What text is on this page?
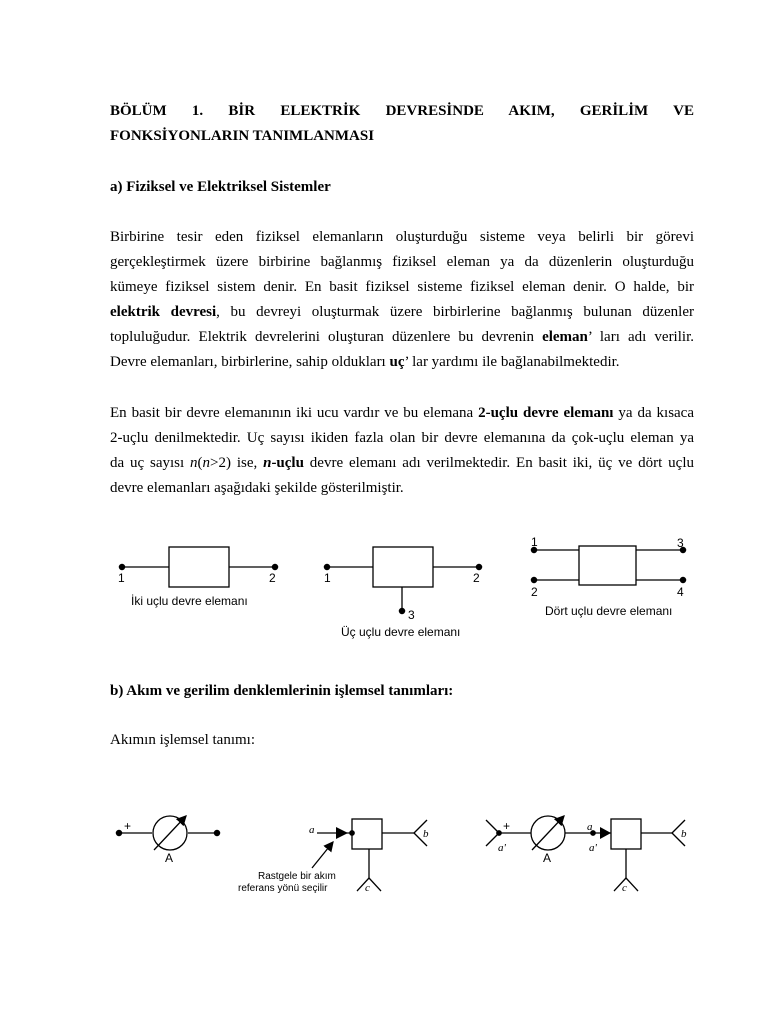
BÖLÜM 1. BİR ELEKTRİK DEVRESİNDE AKIM, GERİLİM VE
FONKSİYONLARIN TANIMLANMASI
a) Fiziksel ve Elektriksel Sistemler
Birbirine tesir eden fiziksel elemanların oluşturduğu sisteme veya belirli bir görevi
gerçekleştirmek üzere birbirine bağlanmış fiziksel eleman ya da düzenlerin oluşturduğu
kümeye fiziksel sistem denir. En basit fiziksel sisteme fiziksel eleman denir. O halde, bir
elektrik devresi, bu devreyi oluşturmak üzere birbirlerine bağlanmış bulunan düzenler
topluluğudur. Elektrik devrelerini oluşturan düzenlere bu devrenin eleman’ ları adı verilir.
Devre elemanları, birbirlerine, sahip oldukları uç’ lar yardımı ile bağlanabilmektedir.
En basit bir devre elemanının iki ucu vardır ve bu elemana 2-uçlu devre elemanı ya da kısaca
2-uçlu denilmektedir. Uç sayısı ikiden fazla olan bir devre elemanına da çok-uçlu eleman ya
da uç sayısı n(n>2) ise, n-uçlu devre elemanı adı verilmektedir. En basit iki, üç ve dört uçlu
devre elemanları aşağıdaki şekilde gösterilmiştir.
b) Akım ve gerilim denklemlerinin işlemsel tanımları:
Akımın işlemsel tanımı:
1	2
İki uçlu devre elemanı
1	2
3
Üç uçlu devre elemanı
1	3
2	4
Dört uçlu devre elemanı
+
A
a	b
c
Rastgele bir akım
referans yönü seçilir
+
a'
A
a
a'
b
c
